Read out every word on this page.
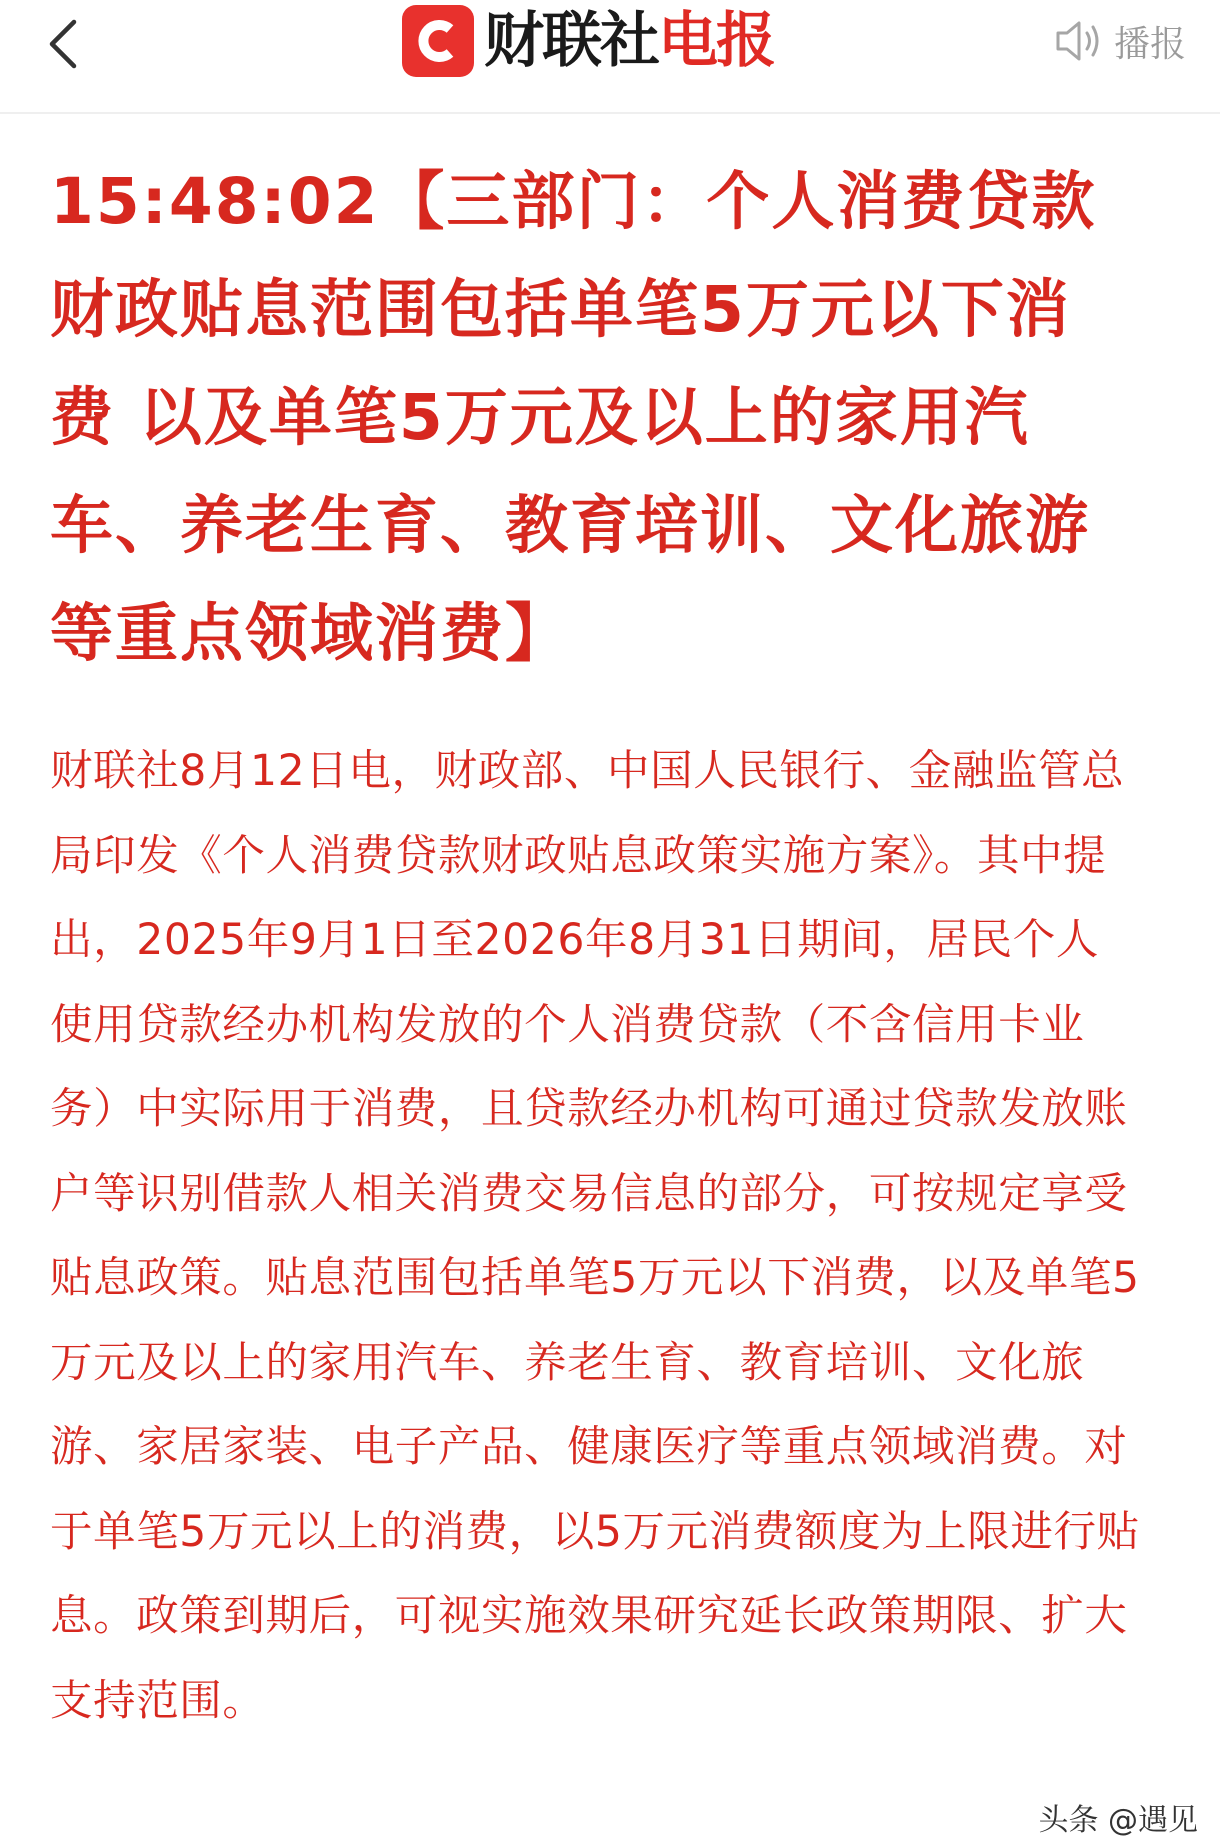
财联社 电报	播报
15:48:02【三部门：个人消费贷款财政贴息范围包括单笔5万元以下消费 以及单笔5万元及以上的家用汽车、养老生育、教育培训、文化旅游等重点领域消费】
财联社8月12日电，财政部、中国人民银行、金融监管总局印发《个人消费贷款财政贴息政策实施方案》。其中提出，2025年9月1日至2026年8月31日期间，居民个人使用贷款经办机构发放的个人消费贷款（不含信用卡业务）中实际用于消费，且贷款经办机构可通过贷款发放账户等识别借款人相关消费交易信息的部分，可按规定享受贴息政策。贴息范围包括单笔5万元以下消费，以及单笔5万元及以上的家用汽车、养老生育、教育培训、文化旅游、家居家装、电子产品、健康医疗等重点领域消费。对于单笔5万元以上的消费，以5万元消费额度为上限进行贴息。政策到期后，可视实施效果研究延长政策期限、扩大支持范围。
头条 @遇见
